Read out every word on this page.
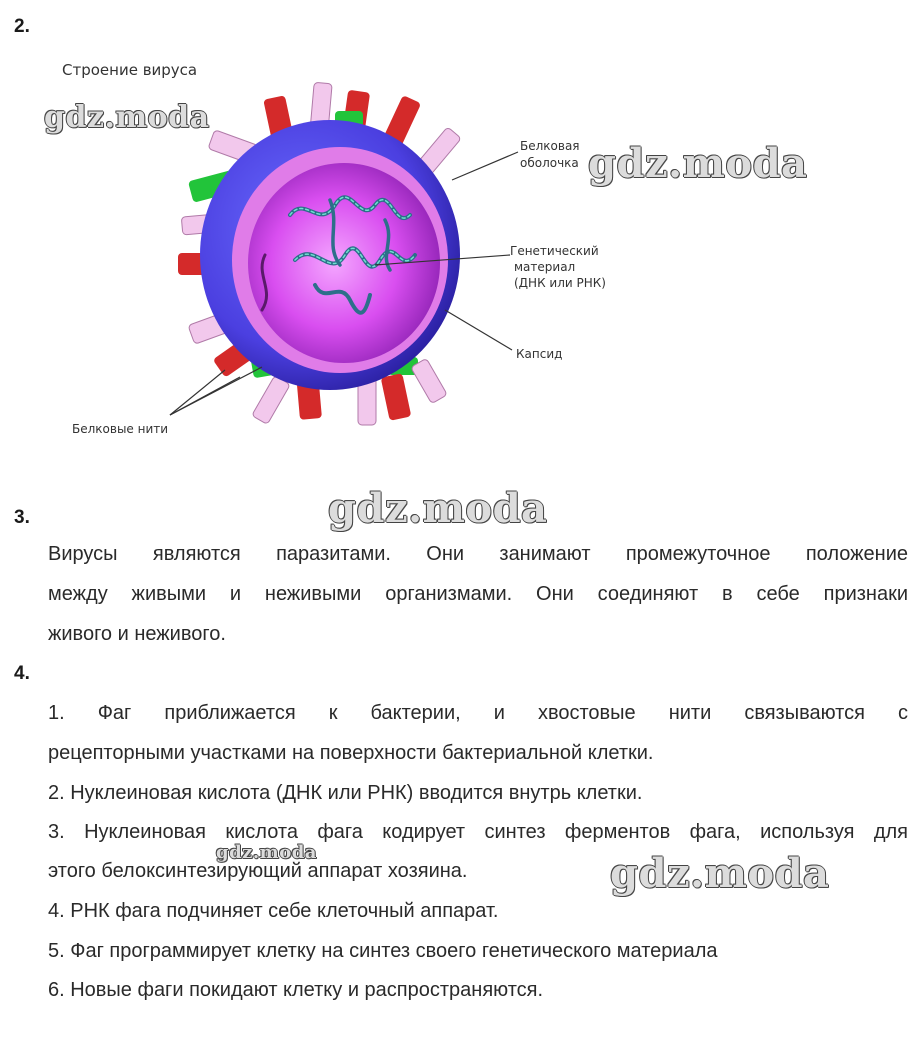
2.
Строение вируса
Белковая
оболочка
Генетический
материал
(ДНК или РНК)
Капсид
Белковые нити
3.

Вирусы являются паразитами. Они занимают промежуточное положение

между живыми и неживыми организмами. Они соединяют в себе признаки

живого и неживого.

4.

1. Фаг приближается к бактерии, и хвостовые нити связываются с

рецепторными участками на поверхности бактериальной клетки.

2. Нуклеиновая кислота (ДНК или РНК) вводится внутрь клетки.

3. Нуклеиновая кислота фага кодирует синтез ферментов фага, используя для

этого белоксинтезирующий аппарат хозяина.

4. РНК фага подчиняет себе клеточный аппарат.

5. Фаг программирует клетку на синтез своего генетического материала

6. Новые фаги покидают клетку и распространяются.

gdz.moda
gdz.moda
gdz.moda
gdz.moda	gdz.moda
